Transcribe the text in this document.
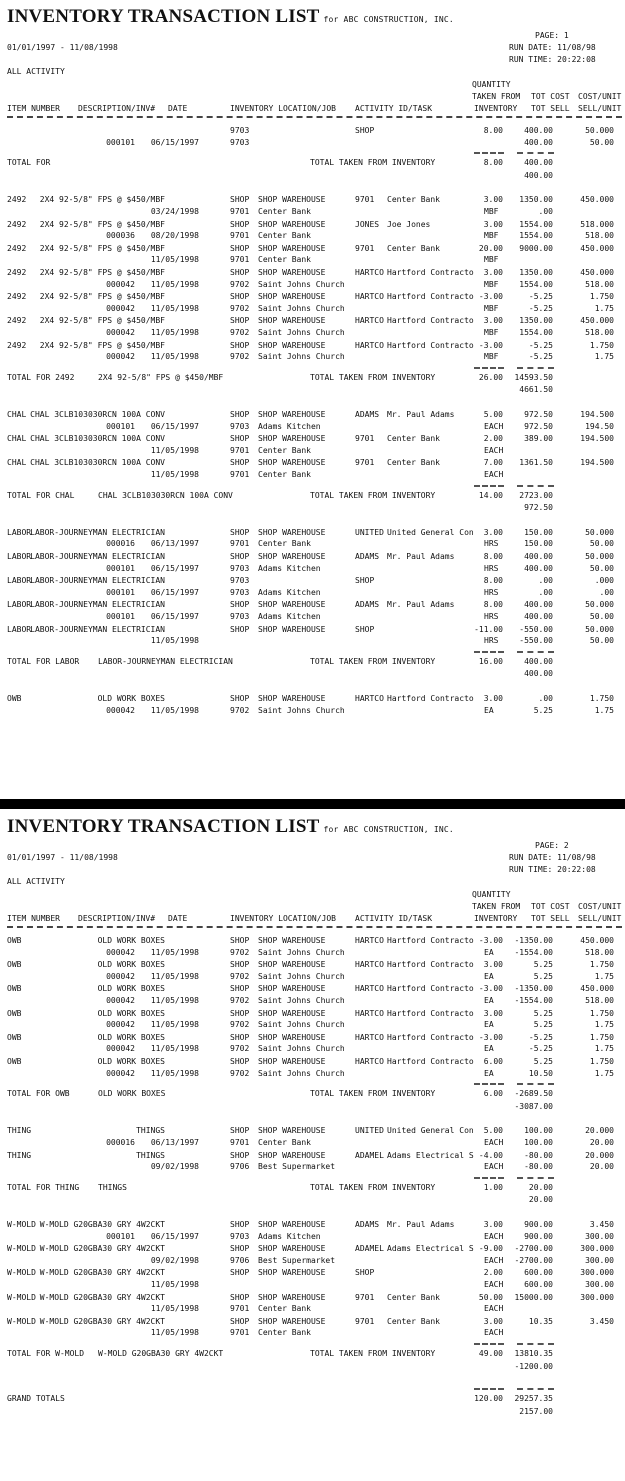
INVENTORY TRANSACTION LIST for ABC CONSTRUCTION, INC.
01/01/1997 - 11/08/1998
PAGE: 1
RUN DATE: 11/08/98
RUN TIME: 20:22:08
ALL ACTIVITY
QUANTITY
TAKEN FROM TOT COST COST/UNIT
ITEM NUMBER DESCRIPTION/INV# DATE	INVENTORY LOCATION/JOB ACTIVITY ID/TASK	INVENTORY TOT SELL SELL/UNIT
9703	SHOP	8.00	400.00	50.000
000101 06/15/1997	9703	400.00	50.00
TOTAL FOR	TOTAL TAKEN FROM INVENTORY	8.00	400.00
400.00
2492 2X4 92-5/8" FPS @ $450/MBF	SHOP SHOP WAREHOUSE	9701 Center Bank	3.00 1350.00	450.000
03/24/1998	9701 Center Bank	MBF	.00
2492 2X4 92-5/8" FPS @ $450/MBF	SHOP SHOP WAREHOUSE	JONES Joe Jones	3.00 1554.00	518.000
000036 08/20/1998	9701 Center Bank	MBF	1554.00	518.00
2492 2X4 92-5/8" FPS @ $450/MBF	SHOP SHOP WAREHOUSE	9701 Center Bank	20.00 9000.00	450.000
11/05/1998	9701 Center Bank	MBF
2492 2X4 92-5/8" FPS @ $450/MBF	SHOP SHOP WAREHOUSE	HARTCO Hartford Contracto 3.00 1350.00	450.000
000042 11/05/1998	9702 Saint Johns Church	MBF	1554.00	518.00
2492 2X4 92-5/8" FPS @ $450/MBF	SHOP SHOP WAREHOUSE	HARTCO Hartford Contracto -3.00	-5.25	1.750
000042 11/05/1998	9702 Saint Johns Church	MBF	-5.25	1.75
2492 2X4 92-5/8" FPS @ $450/MBF	SHOP SHOP WAREHOUSE	HARTCO Hartford Contracto 3.00 1350.00	450.000
000042 11/05/1998	9702 Saint Johns Church	MBF	1554.00	518.00
2492 2X4 92-5/8" FPS @ $450/MBF	SHOP SHOP WAREHOUSE	HARTCO Hartford Contracto -3.00	-5.25	1.750
000042 11/05/1998	9702 Saint Johns Church	MBF	-5.25	1.75
TOTAL FOR 2492	2X4 92-5/8" FPS @ $450/MBF	TOTAL TAKEN FROM INVENTORY	26.00 14593.50
4661.50
CHAL CHAL 3CLB103030RCN 100A CONV	SHOP SHOP WAREHOUSE	ADAMS Mr. Paul Adams	5.00	972.50	194.500
000101 06/15/1997	9703 Adams Kitchen	EACH	972.50	194.50
CHAL CHAL 3CLB103030RCN 100A CONV	SHOP SHOP WAREHOUSE	9701 Center Bank	2.00	389.00	194.500
11/05/1998	9701 Center Bank	EACH
CHAL CHAL 3CLB103030RCN 100A CONV	SHOP SHOP WAREHOUSE	9701 Center Bank	7.00 1361.50	194.500
11/05/1998	9701 Center Bank	EACH
TOTAL FOR CHAL	CHAL 3CLB103030RCN 100A CONV	TOTAL TAKEN FROM INVENTORY	14.00 2723.00
972.50
LABOR LABOR-JOURNEYMAN ELECTRICIAN	SHOP SHOP WAREHOUSE	UNITED United General Con 3.00	150.00	50.000
000016 06/13/1997	9701 Center Bank	HRS	150.00	50.00
LABOR LABOR-JOURNEYMAN ELECTRICIAN	SHOP SHOP WAREHOUSE	ADAMS Mr. Paul Adams	8.00	400.00	50.000
000101 06/15/1997	9703 Adams Kitchen	HRS	400.00	50.00
LABOR LABOR-JOURNEYMAN ELECTRICIAN	9703	SHOP	8.00	.00	.000
000101 06/15/1997	9703 Adams Kitchen	HRS	.00	.00
LABOR LABOR-JOURNEYMAN ELECTRICIAN	SHOP SHOP WAREHOUSE	ADAMS Mr. Paul Adams	8.00	400.00	50.000
000101 06/15/1997	9703 Adams Kitchen	HRS	400.00	50.00
LABOR LABOR-JOURNEYMAN ELECTRICIAN	SHOP SHOP WAREHOUSE	SHOP	-11.00 -550.00	50.000
11/05/1998	HRS	-550.00	50.00
TOTAL FOR LABOR LABOR-JOURNEYMAN ELECTRICIAN	TOTAL TAKEN FROM INVENTORY	16.00	400.00
400.00
OWB	OLD WORK BOXES	SHOP SHOP WAREHOUSE	HARTCO Hartford Contracto 3.00	.00	1.750
000042 11/05/1998	9702 Saint Johns Church	EA	5.25	1.75
INVENTORY TRANSACTION LIST for ABC CONSTRUCTION, INC.
01/01/1997 - 11/08/1998
PAGE: 2
RUN DATE: 11/08/98
RUN TIME: 20:22:08
ALL ACTIVITY
QUANTITY
TAKEN FROM TOT COST COST/UNIT
ITEM NUMBER DESCRIPTION/INV# DATE	INVENTORY LOCATION/JOB ACTIVITY ID/TASK	INVENTORY TOT SELL SELL/UNIT
OWB	OLD WORK BOXES	SHOP SHOP WAREHOUSE	HARTCO Hartford Contracto -3.00 -1350.00	450.000
000042 11/05/1998	9702 Saint Johns Church	EA	-1554.00	518.00
OWB	OLD WORK BOXES	SHOP SHOP WAREHOUSE	HARTCO Hartford Contracto 3.00	5.25	1.750
000042 11/05/1998	9702 Saint Johns Church	EA	5.25	1.75
OWB	OLD WORK BOXES	SHOP SHOP WAREHOUSE	HARTCO Hartford Contracto -3.00 -1350.00	450.000
000042 11/05/1998	9702 Saint Johns Church	EA	-1554.00	518.00
OWB	OLD WORK BOXES	SHOP SHOP WAREHOUSE	HARTCO Hartford Contracto 3.00	5.25	1.750
000042 11/05/1998	9702 Saint Johns Church	EA	5.25	1.75
OWB	OLD WORK BOXES	SHOP SHOP WAREHOUSE	HARTCO Hartford Contracto -3.00	-5.25	1.750
000042 11/05/1998	9702 Saint Johns Church	EA	-5.25	1.75
OWB	OLD WORK BOXES	SHOP SHOP WAREHOUSE	HARTCO Hartford Contracto 6.00	5.25	1.750
000042 11/05/1998	9702 Saint Johns Church	EA	10.50	1.75
TOTAL FOR OWB	OLD WORK BOXES	TOTAL TAKEN FROM INVENTORY	6.00 -2689.50
-3087.00
THING	THINGS	SHOP SHOP WAREHOUSE	UNITED United General Con 5.00	100.00	20.000
000016 06/13/1997	9701 Center Bank	EACH	100.00	20.00
THING	THINGS	SHOP SHOP WAREHOUSE	ADAMEL Adams Electrical S -4.00	-80.00	20.000
09/02/1998	9706 Best Supermarket	EACH	-80.00	20.00
TOTAL FOR THING THINGS	TOTAL TAKEN FROM INVENTORY	1.00	20.00
20.00
W-MOLD W-MOLD G20GBA30 GRY 4W2CKT	SHOP SHOP WAREHOUSE	ADAMS Mr. Paul Adams	3.00	900.00	3.450
000101 06/15/1997	9703 Adams Kitchen	EACH	900.00	300.00
W-MOLD W-MOLD G20GBA30 GRY 4W2CKT	SHOP SHOP WAREHOUSE	ADAMEL Adams Electrical S -9.00 -2700.00	300.000
09/02/1998	9706 Best Supermarket	EACH -2700.00	300.00
W-MOLD W-MOLD G20GBA30 GRY 4W2CKT	SHOP SHOP WAREHOUSE	SHOP	2.00	600.00	300.000
11/05/1998	EACH	600.00	300.00
W-MOLD W-MOLD G20GBA30 GRY 4W2CKT	SHOP SHOP WAREHOUSE	9701 Center Bank	50.00 15000.00	300.000
11/05/1998	9701 Center Bank	EACH
W-MOLD W-MOLD G20GBA30 GRY 4W2CKT	SHOP SHOP WAREHOUSE	9701 Center Bank	3.00	10.35	3.450
11/05/1998	9701 Center Bank	EACH
TOTAL FOR W-MOLD W-MOLD G20GBA30 GRY 4W2CKT	TOTAL TAKEN FROM INVENTORY	49.00 13810.35
-1200.00
GRAND TOTALS	120.00 29257.35
2157.00
